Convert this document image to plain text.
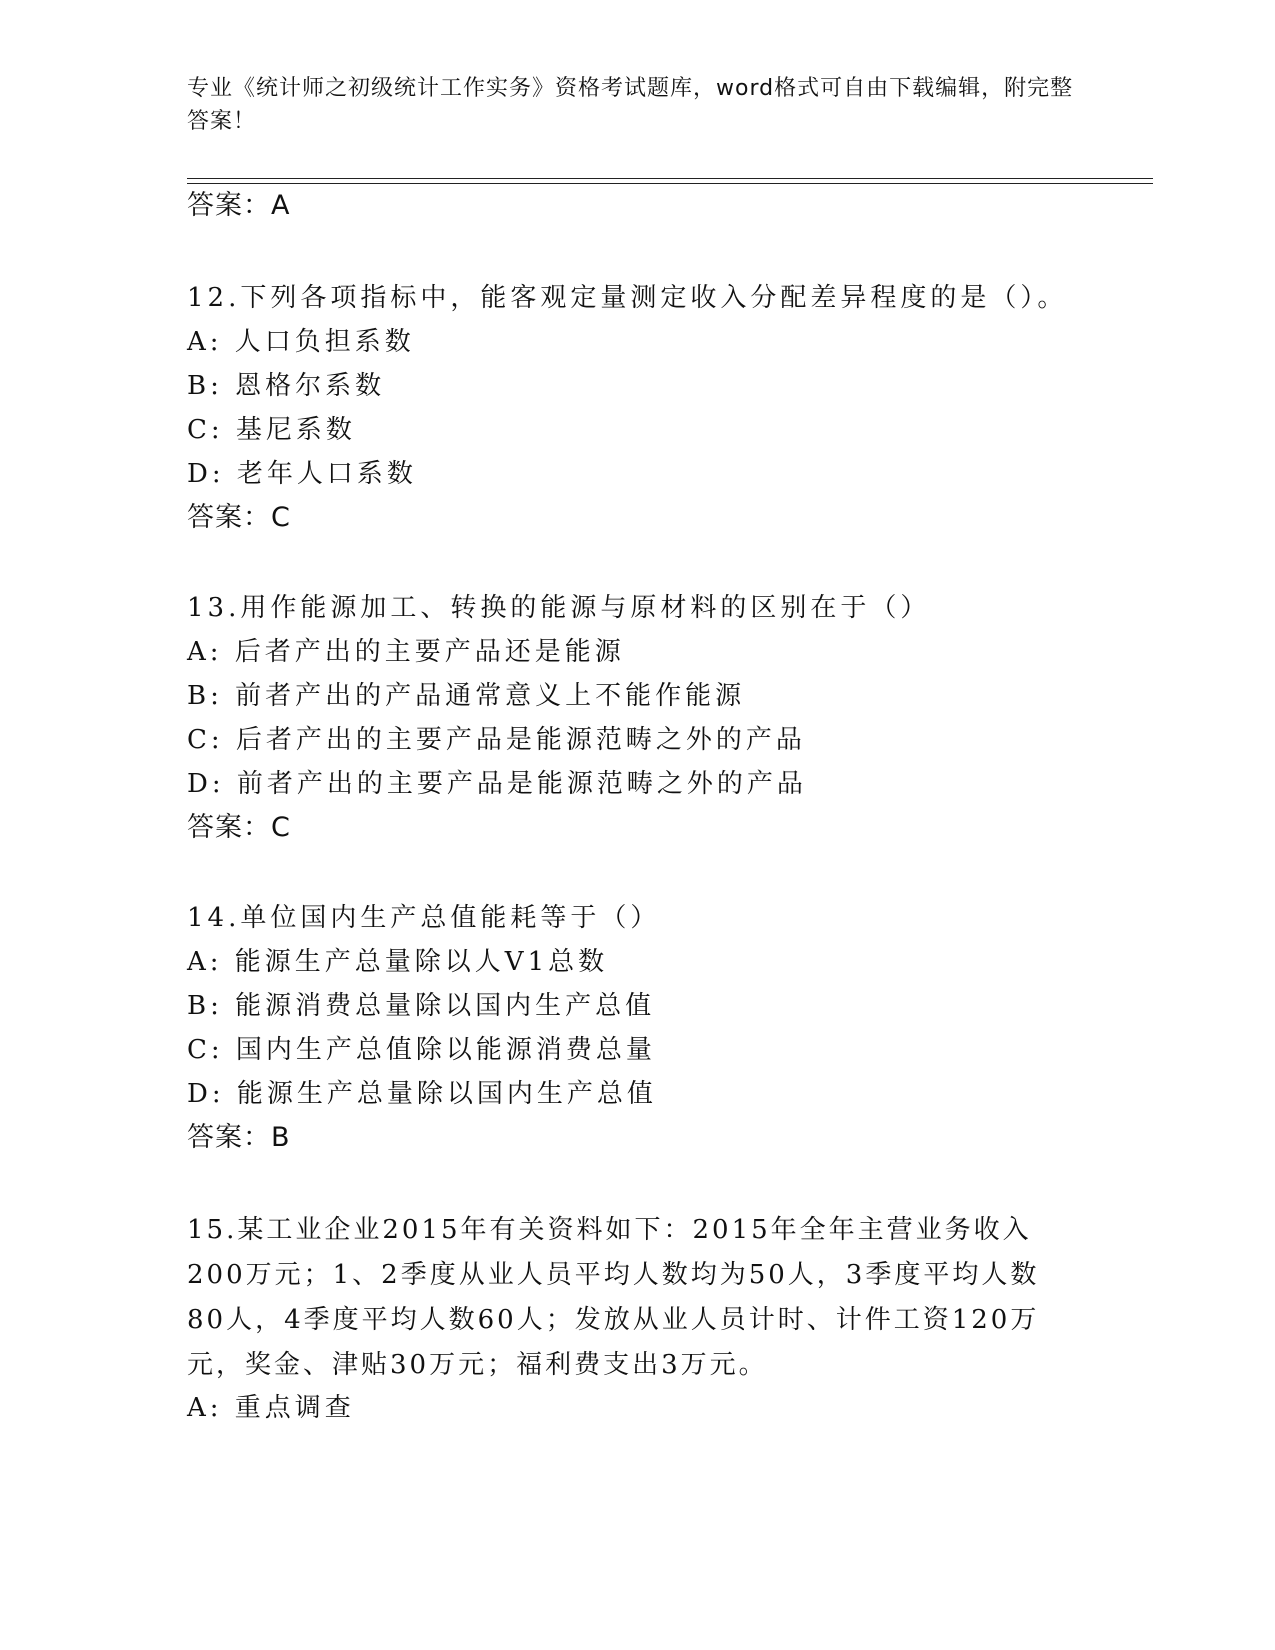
专业《统计师之初级统计工作实务》资格考试题库，word格式可自由下载编辑，附完整答案！
答案：A
12.下列各项指标中，能客观定量测定收入分配差异程度的是（）。
A: 人口负担系数
B: 恩格尔系数
C: 基尼系数
D: 老年人口系数
答案：C
13.用作能源加工、转换的能源与原材料的区别在于（）
A: 后者产出的主要产品还是能源
B: 前者产出的产品通常意义上不能作能源
C: 后者产出的主要产品是能源范畴之外的产品
D: 前者产出的主要产品是能源范畴之外的产品
答案：C
14.单位国内生产总值能耗等于（）
A: 能源生产总量除以人V1总数
B: 能源消费总量除以国内生产总值
C: 国内生产总值除以能源消费总量
D: 能源生产总量除以国内生产总值
答案：B
15.某工业企业2015年有关资料如下：2015年全年主营业务收入200万元；1、2季度从业人员平均人数均为50人，3季度平均人数80人，4季度平均人数60人；发放从业人员计时、计件工资120万元，奖金、津贴30万元；福利费支出3万元。
A: 重点调查
